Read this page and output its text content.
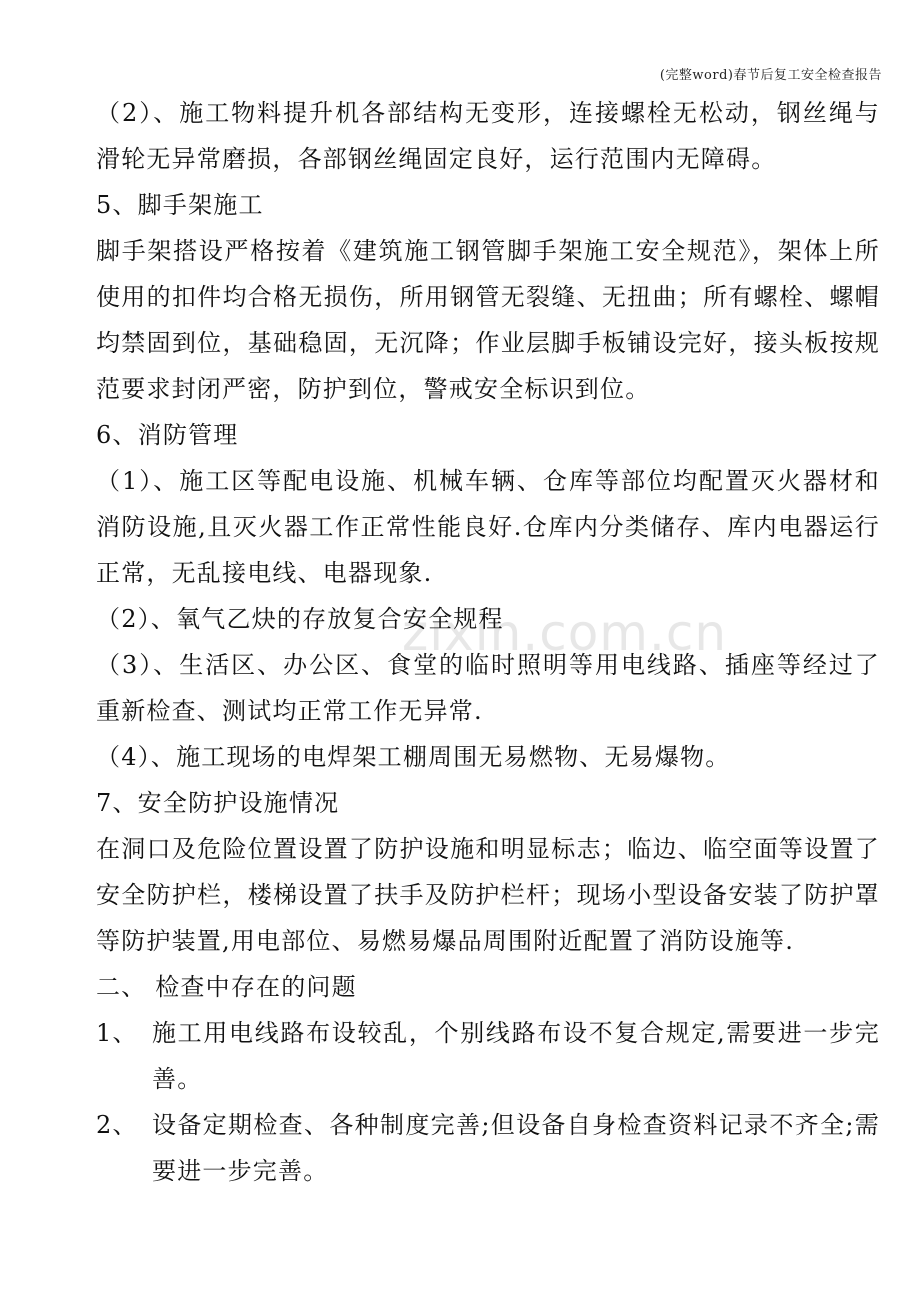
(完整word)春节后复工安全检查报告
zixin.com.cn

（2）、施工物料提升机各部结构无变形，连接螺栓无松动，钢丝绳与滑轮无异常磨损，各部钢丝绳固定良好，运行范围内无障碍。

5、脚手架施工

脚手架搭设严格按着《建筑施工钢管脚手架施工安全规范》，架体上所使用的扣件均合格无损伤，所用钢管无裂缝、无扭曲；所有螺栓、螺帽均禁固到位，基础稳固，无沉降；作业层脚手板铺设完好，接头板按规范要求封闭严密，防护到位，警戒安全标识到位。

6、消防管理

（1）、施工区等配电设施、机械车辆、仓库等部位均配置灭火器材和消防设施,且灭火器工作正常性能良好.仓库内分类储存、库内电器运行正常，无乱接电线、电器现象.

（2）、氧气乙炔的存放复合安全规程

（3）、生活区、办公区、食堂的临时照明等用电线路、插座等经过了重新检查、测试均正常工作无异常.

（4）、施工现场的电焊架工棚周围无易燃物、无易爆物。

7、安全防护设施情况

在洞口及危险位置设置了防护设施和明显标志；临边、临空面等设置了安全防护栏，楼梯设置了扶手及防护栏杆；现场小型设备安装了防护罩等防护装置,用电部位、易燃易爆品周围附近配置了消防设施等.

二、 检查中存在的问题

1、 施工用电线路布设较乱，个别线路布设不复合规定,需要进一步完善。
2、 设备定期检查、各种制度完善;但设备自身检查资料记录不齐全;需要进一步完善。
